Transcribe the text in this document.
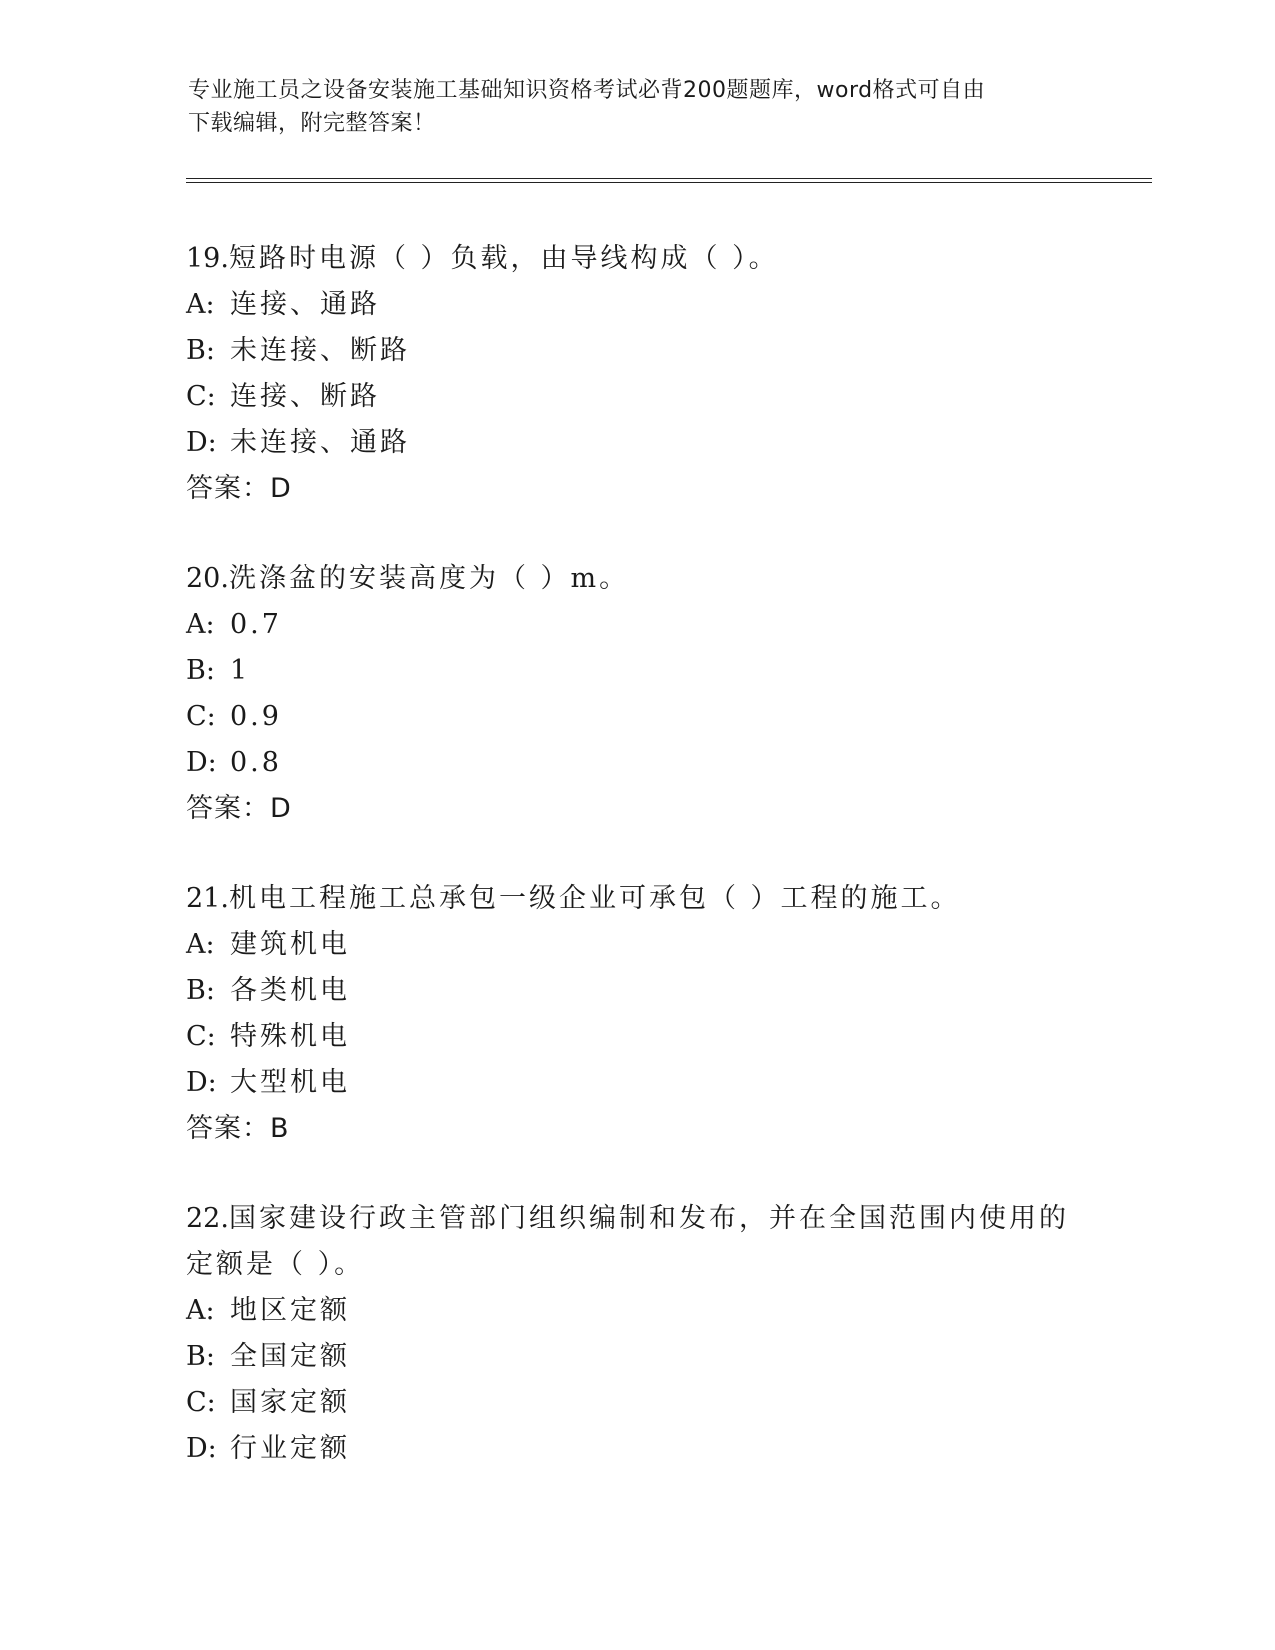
专业施工员之设备安装施工基础知识资格考试必背200题题库，word格式可自由
下载编辑，附完整答案！
19.短路时电源（ ）负载，由导线构成（ ）。
A: 连接、通路
B: 未连接、断路
C: 连接、断路
D: 未连接、通路
答案：D
20.洗涤盆的安装高度为（ ）m。
A: 0.7
B: 1
C: 0.9
D: 0.8
答案：D
21.机电工程施工总承包一级企业可承包（ ）工程的施工。
A: 建筑机电
B: 各类机电
C: 特殊机电
D: 大型机电
答案：B
22.国家建设行政主管部门组织编制和发布，并在全国范围内使用的定额是（ ）。
A: 地区定额
B: 全国定额
C: 国家定额
D: 行业定额
